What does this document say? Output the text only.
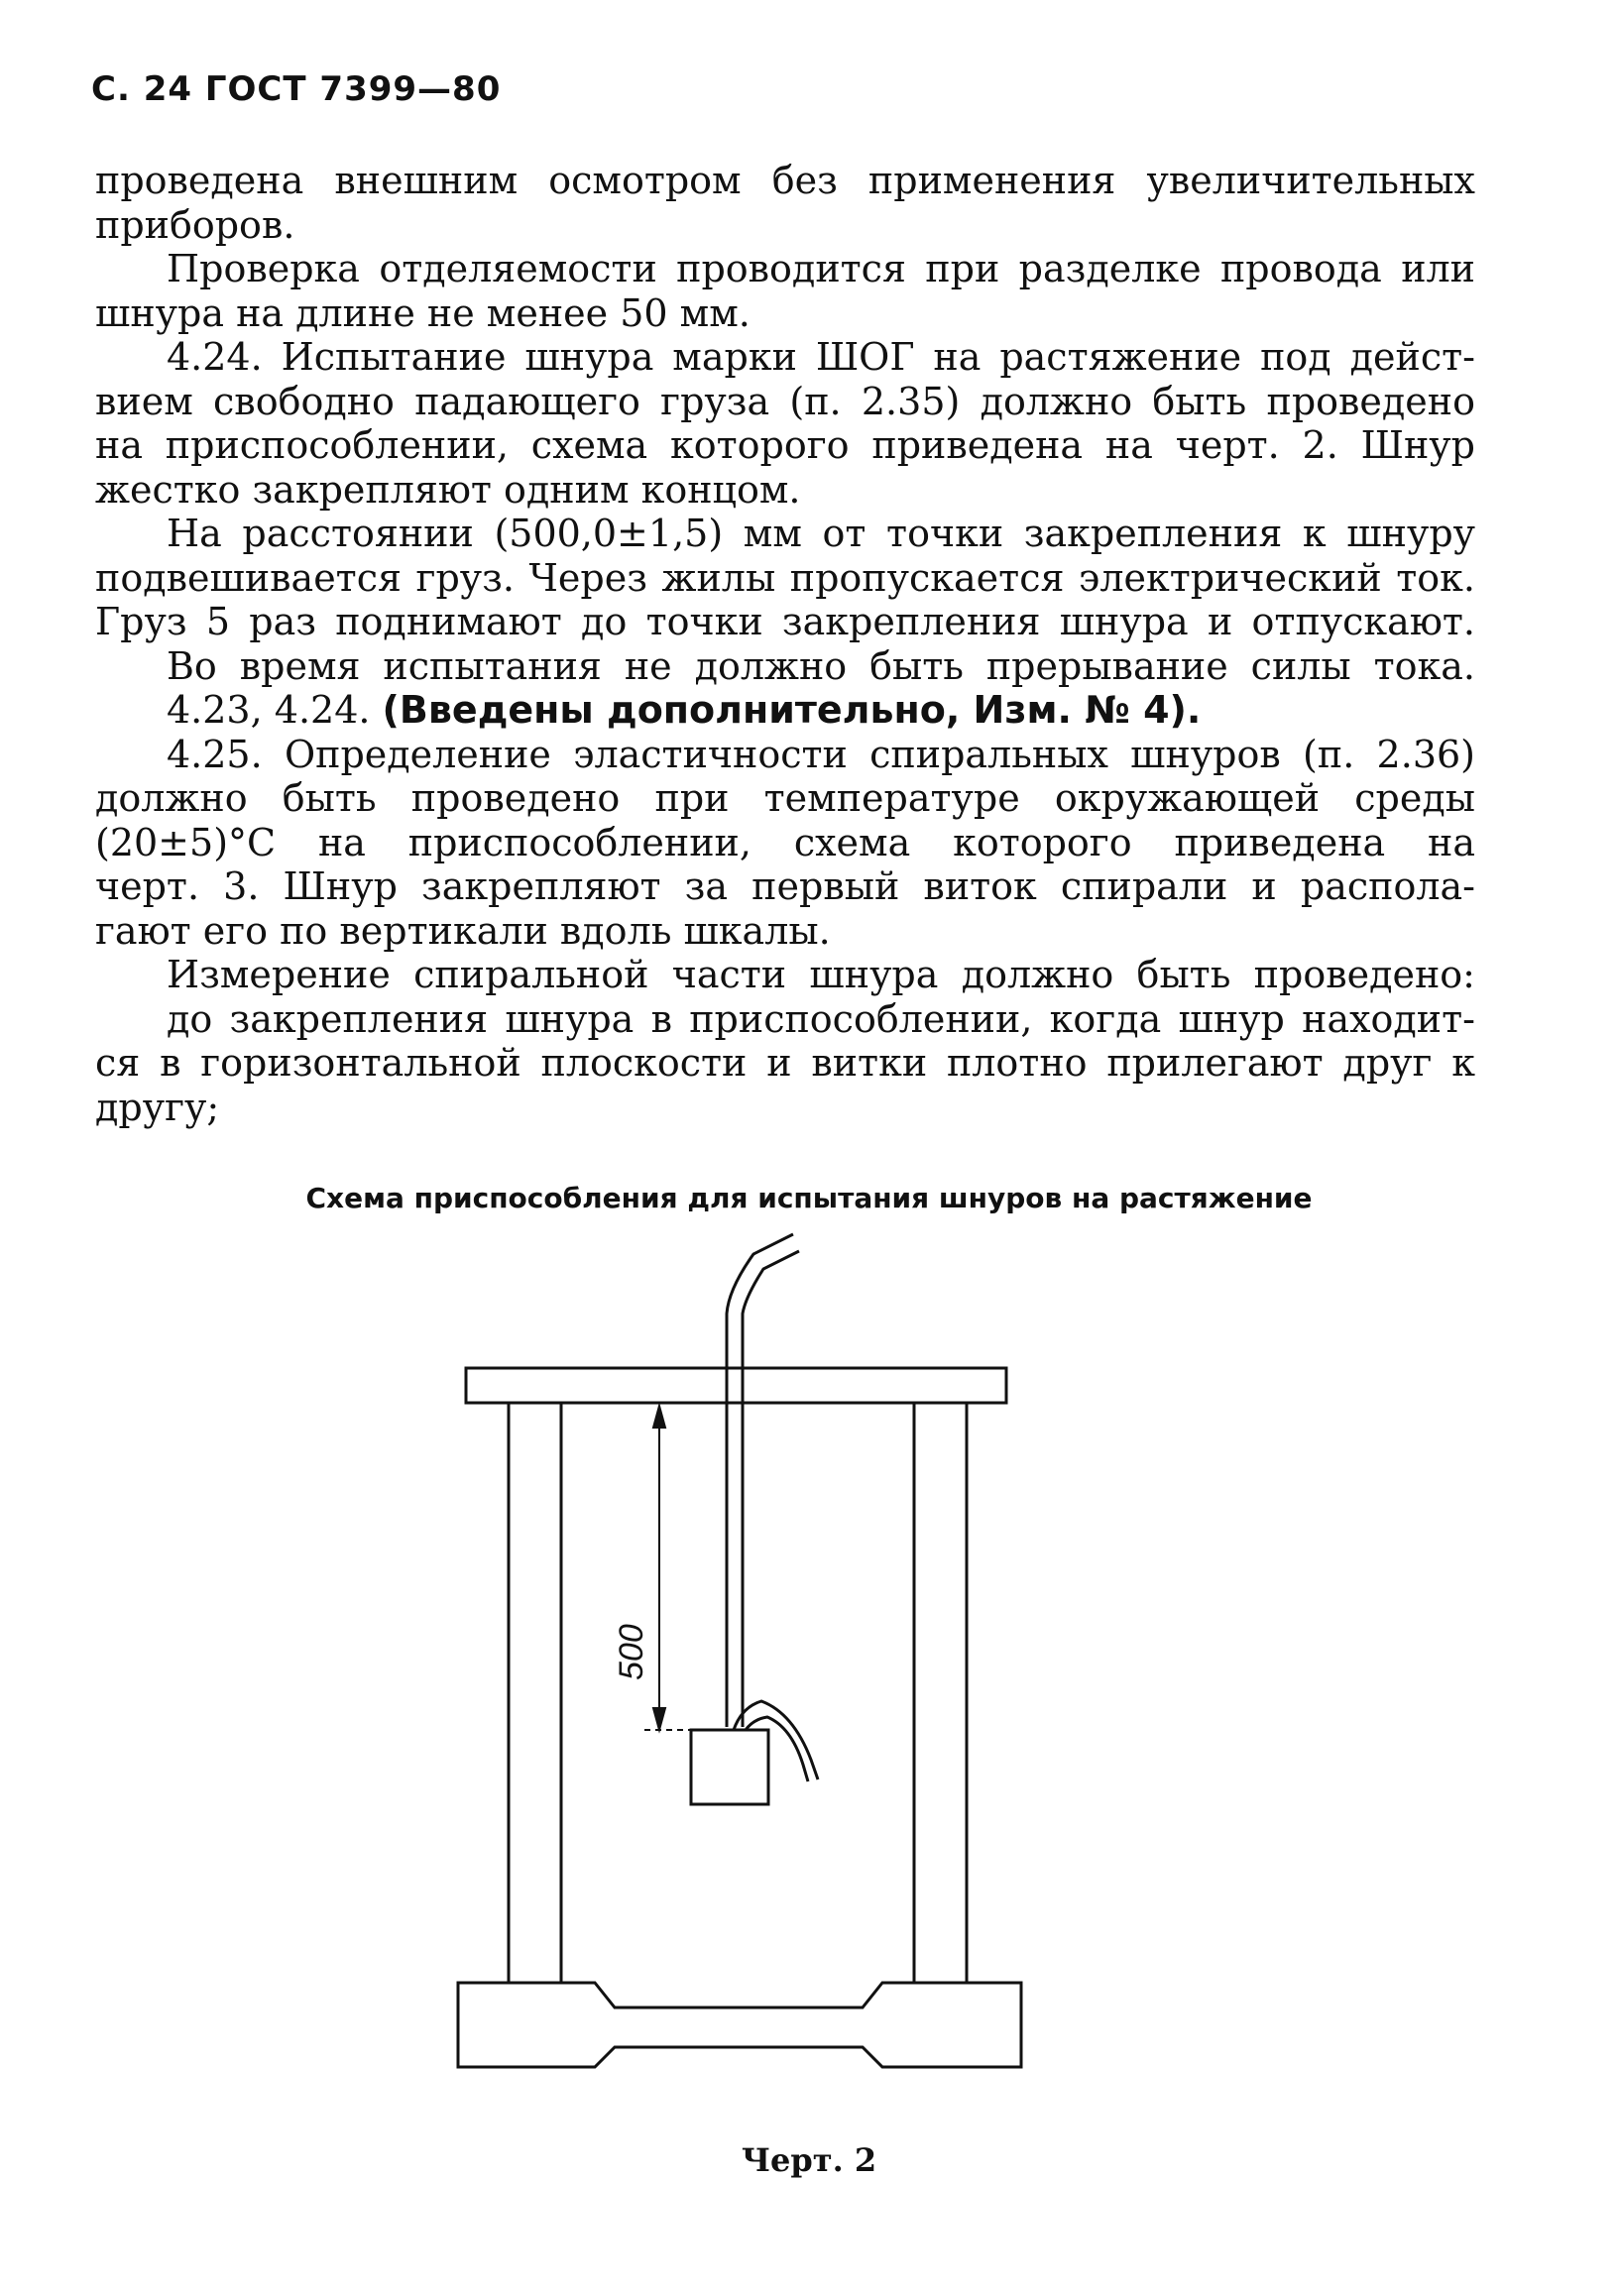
С. 24 ГОСТ 7399—80

проведена внешним осмотром без применения увеличительных

приборов.

Проверка отделяемости проводится при разделке провода или

шнура на длине не менее 50 мм.

4.24. Испытание шнура марки ШОГ на растяжение под дейст-

вием свободно падающего груза (п. 2.35) должно быть проведено

на приспособлении, схема которого приведена на черт. 2. Шнур

жестко закрепляют одним концом.

На расстоянии (500,0±1,5) мм от точки закрепления к шнуру

подвешивается груз. Через жилы пропускается электрический ток.

Груз 5 раз поднимают до точки закрепления шнура и отпускают.

Во время испытания не должно быть прерывание силы тока.

4.23, 4.24. (Введены дополнительно, Изм. № 4).

4.25. Определение эластичности спиральных шнуров (п. 2.36)

должно быть проведено при температуре окружающей среды

(20±5)°С на приспособлении, схема которого приведена на

черт. 3. Шнур закрепляют за первый виток спирали и распола-

гают его по вертикали вдоль шкалы.

Измерение спиральной части шнура должно быть проведено:

до закрепления шнура в приспособлении, когда шнур находит-

ся в горизонтальной плоскости и витки плотно прилегают друг к

другу;

Схема приспособления для испытания шнуров на растяжение
500
Черт. 2
